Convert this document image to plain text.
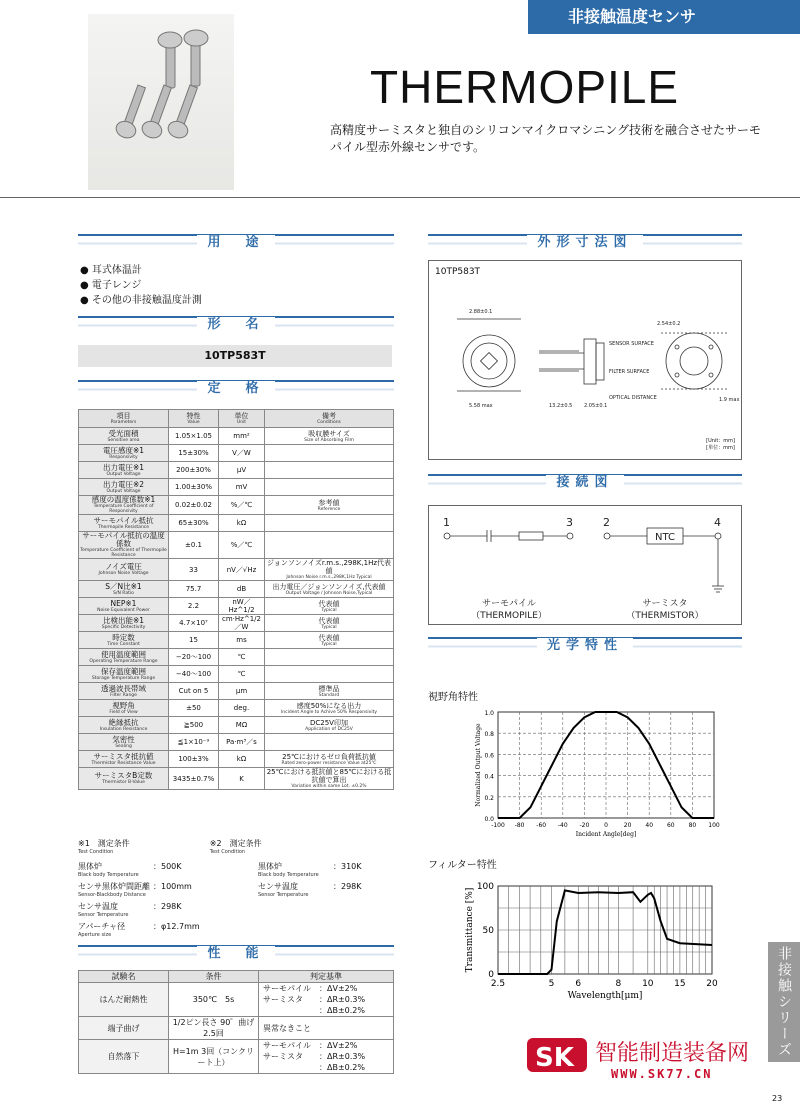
非接触温度センサ
THERMOPILE
高精度サーミスタと独自のシリコンマイクロマシニング技術を融合させたサーモパイル型赤外線センサです。
用　途
● 耳式体温計
● 電子レンジ
● その他の非接触温度計測
形　名
10TP583T
定　格
項目
Parameters	特性
Value	単位
Unit	備考
Conditions

受光面積
Sensitive area	1.05×1.05	mm²	吸収膜サイズ
Size of Absorbing Film

電圧感度※1
Responsivity	15±30%	V／W	

出力電圧※1
Output Voltage	200±30%	μV	

出力電圧※2
Output Voltage	1.00±30%	mV	

感度の温度係数※1
Temperature Coefficient of Responsivity	0.02±0.02	%／℃	参考値
Reference

サーモパイル抵抗
Thermopile Resistance	65±30%	kΩ	

サーモパイル抵抗の温度係数
Temperature Coefficient of Thermopile Resistance	±0.1	%／℃	

ノイズ電圧
Johnson Noise Voltage	33	nV／√Hz	ジョンソンノイズr.m.s.,298K,1Hz代表値
Johnson Noise r.m.s.,298K,1Hz Typical

S／N比※1
S/N Ratio	75.7	dB	出力電圧／ジョンソンノイズ,代表値
Output Voltage / Johnson Noise,Typical

NEP※1
Noise Equivalent Power	2.2	nW／Hz^1/2	代表値
Typical

比検出能※1
Specific Detectivity	4.7×10⁷	cm·Hz^1/2／W	代表値
Typical

時定数
Time Constant	15	ms	代表値
Typical

使用温度範囲
Operating Temperature Range	−20〜100	℃	

保存温度範囲
Storage Temperature Range	−40〜100	℃	

透過波長帯域
Filter Range	Cut on 5	μm	標準品
Standard

視野角
Field of View	±50	deg.	感度50%になる出力
Incident Angle to Achive 50% Responsivity

絶縁抵抗
Insulation Resistance	≧500	MΩ	DC25V印加
Application of DC25V

気密性
Sealing	≦1×10⁻⁹	Pa·m³／s	

サーミスタ抵抗値
Thermistor Resistance Value	100±3%	kΩ	25℃におけるゼロ負荷抵抗値
Rated zero-power resistance Value at25℃

サーミスタB定数
Thermistor B-Value	3435±0.7%	K	25℃における抵抗値と85℃における抵抗値で算出
Variation within same Lot. ±0.2%
※1　測定条件
Test Condition
※2　測定条件
Test Condition
黒体炉
Black body Temperature
：500K
センサ黒体炉間距離
Sensor-Blackbody Distance
：100mm
センサ温度
Sensor Temperature
：298K
アパーチャ径
Aperture size
：φ12.7mm
黒体炉
Black body Temperature
：310K
センサ温度
Sensor Temperature
：298K
性　能
試験名	条件	判定基準
はんだ耐熱性	350℃　5s	サーモパイル　：ΔV±2%
サーミスタ　　：ΔR±0.3%
　　　　　　　：ΔB±0.2%

端子曲げ	1/2ピン長さ 90゜曲げ2.5回	異常なきこと

自然落下	H=1m 3回（コンクリート上）	サーモパイル　：ΔV±2%
サーミスタ　　：ΔR±0.3%
　　　　　　　：ΔB±0.2%
外形寸法図
10TP583T
2.88±0.1
5.58 max	13.2±0.5 2.05±0.1
2.54±0.2
1.9 max
SENSOR SURFACE
FILTER SURFACE
OPTICAL DISTANCE
[Unit：mm]
[単位：mm]
接続図
1	3	2	4
NTC
サーモパイル
（THERMOPILE）
サーミスタ
（THERMISTOR）
光学特性
視野角特性
0.0
0.2
0.4
0.6
0.8
1.0
-100 -80 -60 -40 -20 0	20 40 60 80 100
Incident Angle[deg]
Normalized Output Voltage
フィルター特性
0
50
100
2.5	5 6	8 10 15 20
Wavelength[μm]
Transmittance [%]
非接触シリーズ
SK 智能制造装备网
WWW.SK77.CN
23
